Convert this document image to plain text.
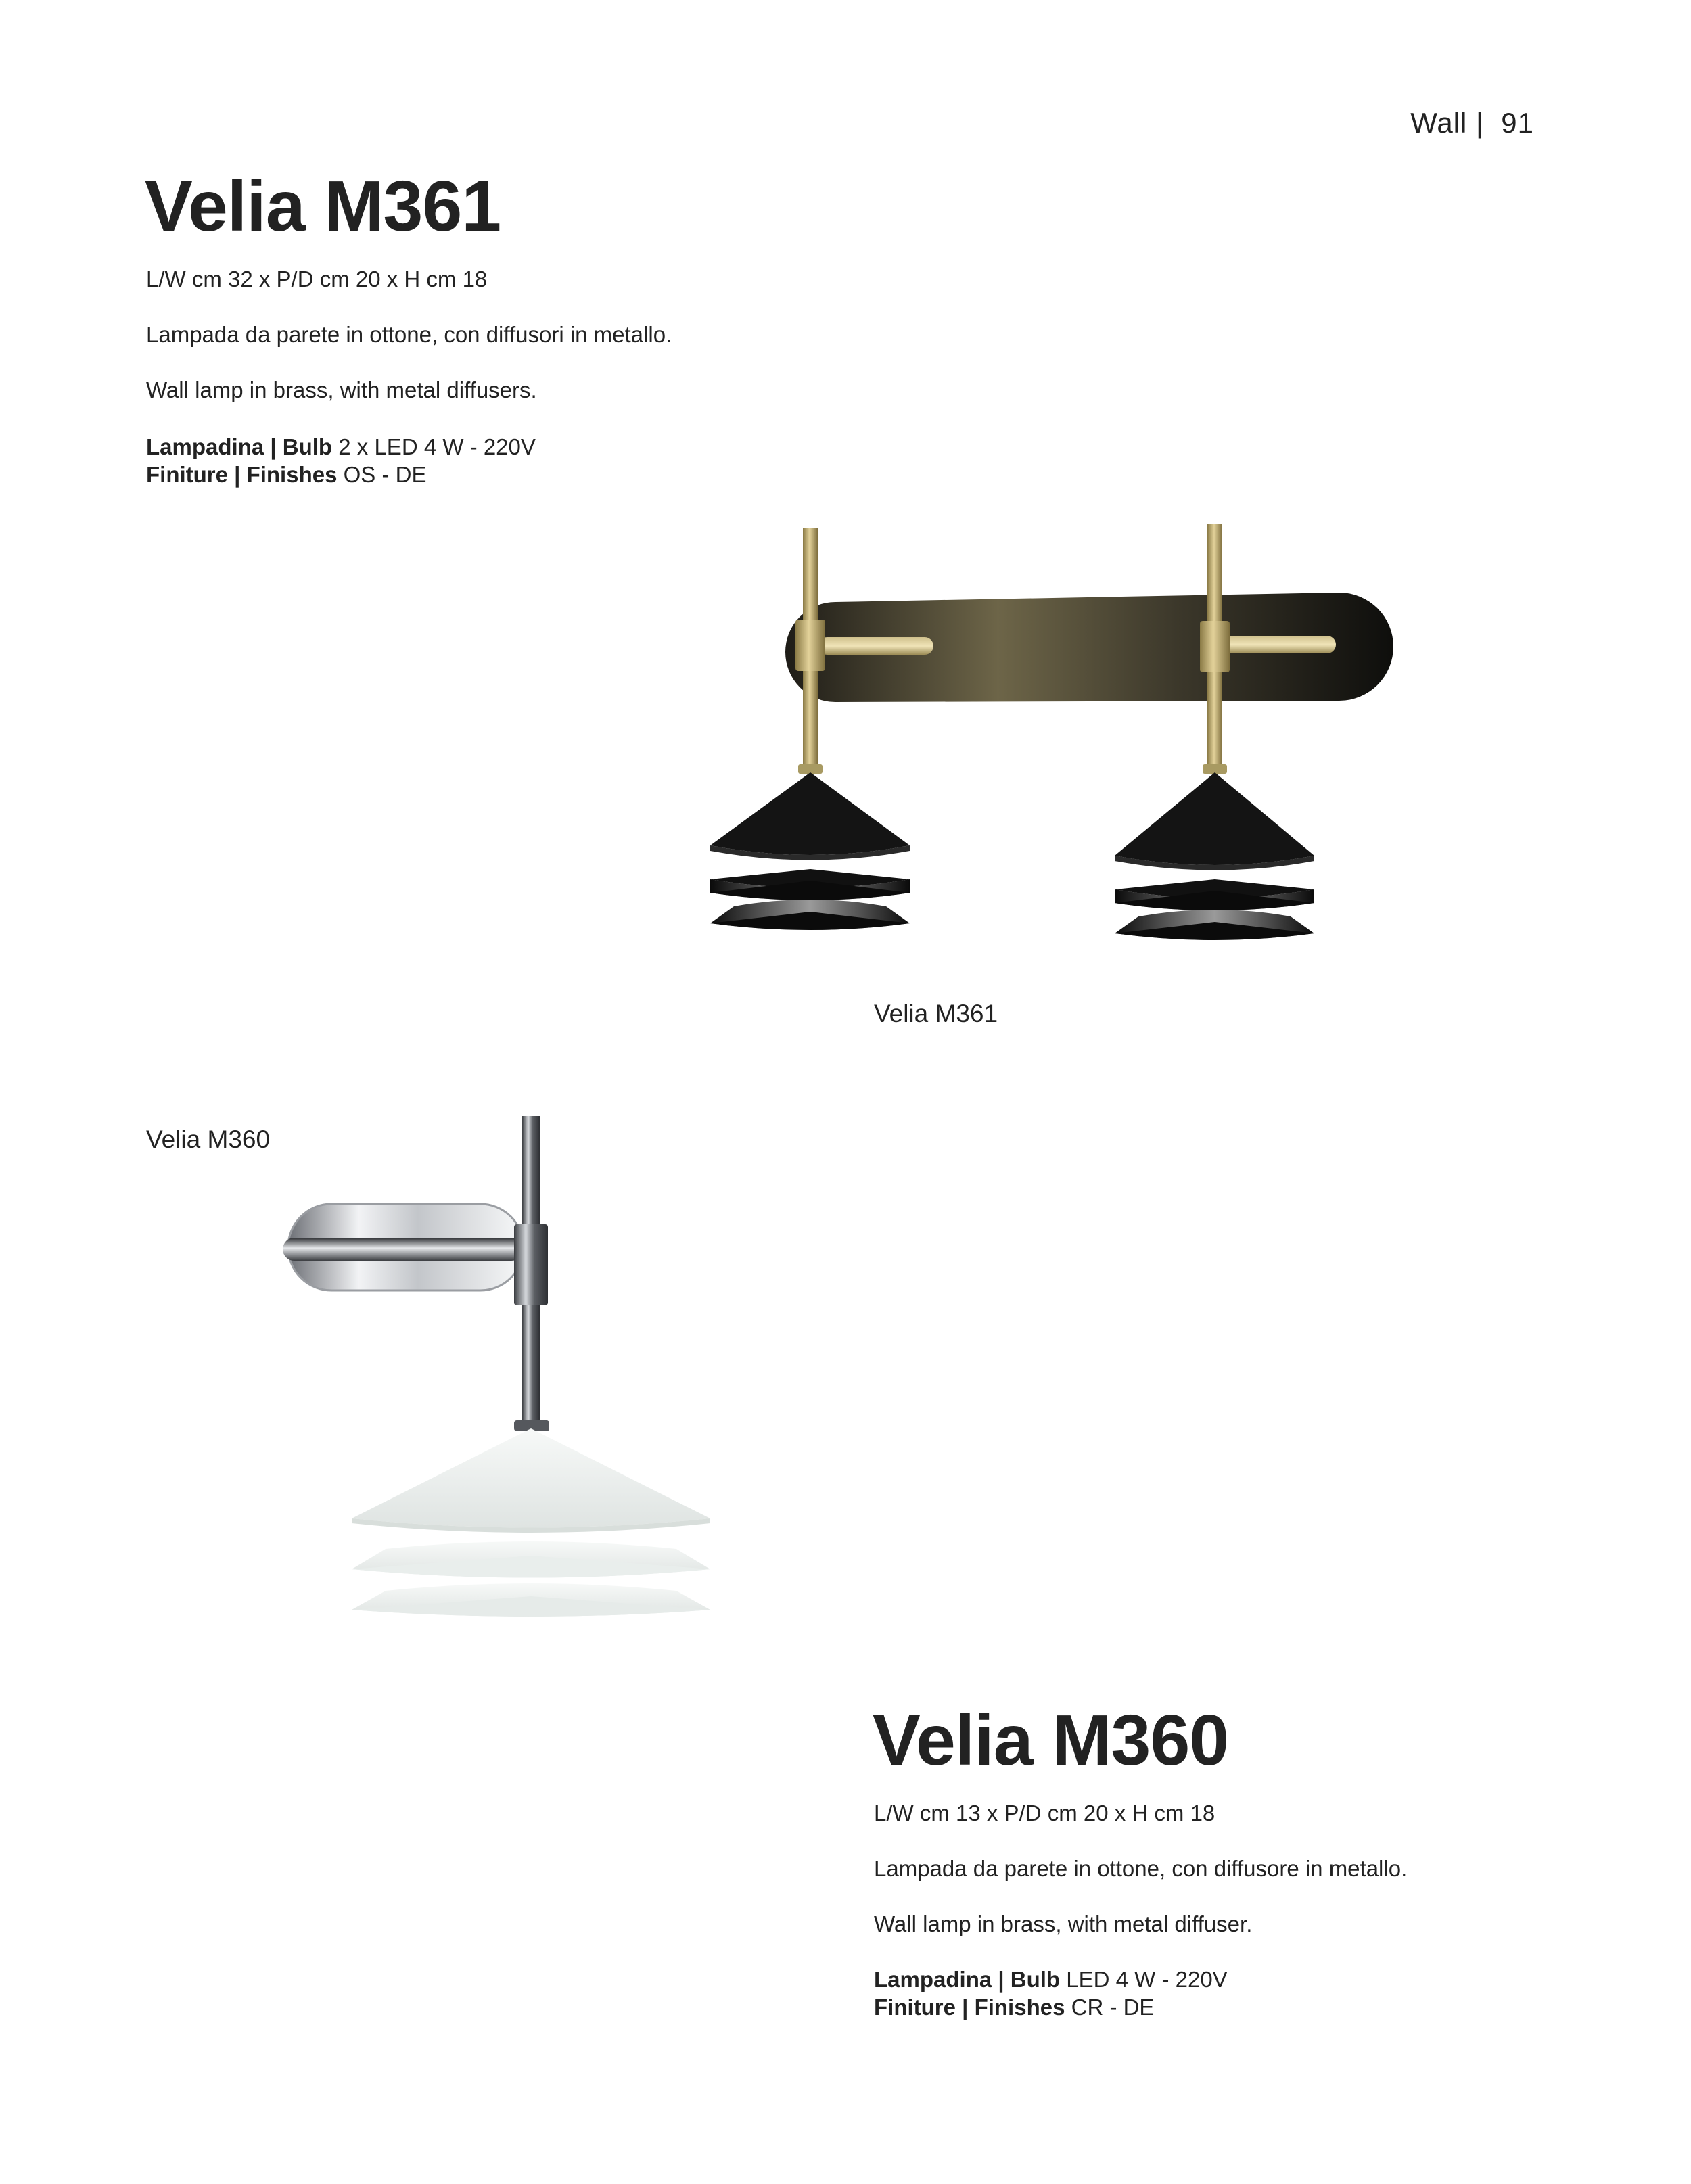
Wall | 91
Velia M361
L/W cm 32 x P/D cm 20 x H cm 18
Lampada da parete in ottone, con diffusori in metallo.
Wall lamp in brass, with metal diffusers.
Lampadina | Bulb 2 x LED 4 W - 220V
Finiture | Finishes OS - DE
Velia M361
Velia M360
Velia M360
L/W cm 13 x P/D cm 20 x H cm 18
Lampada da parete in ottone, con diffusore in metallo.
Wall lamp in brass, with metal diffuser.
Lampadina | Bulb LED 4 W - 220V
Finiture | Finishes CR - DE
